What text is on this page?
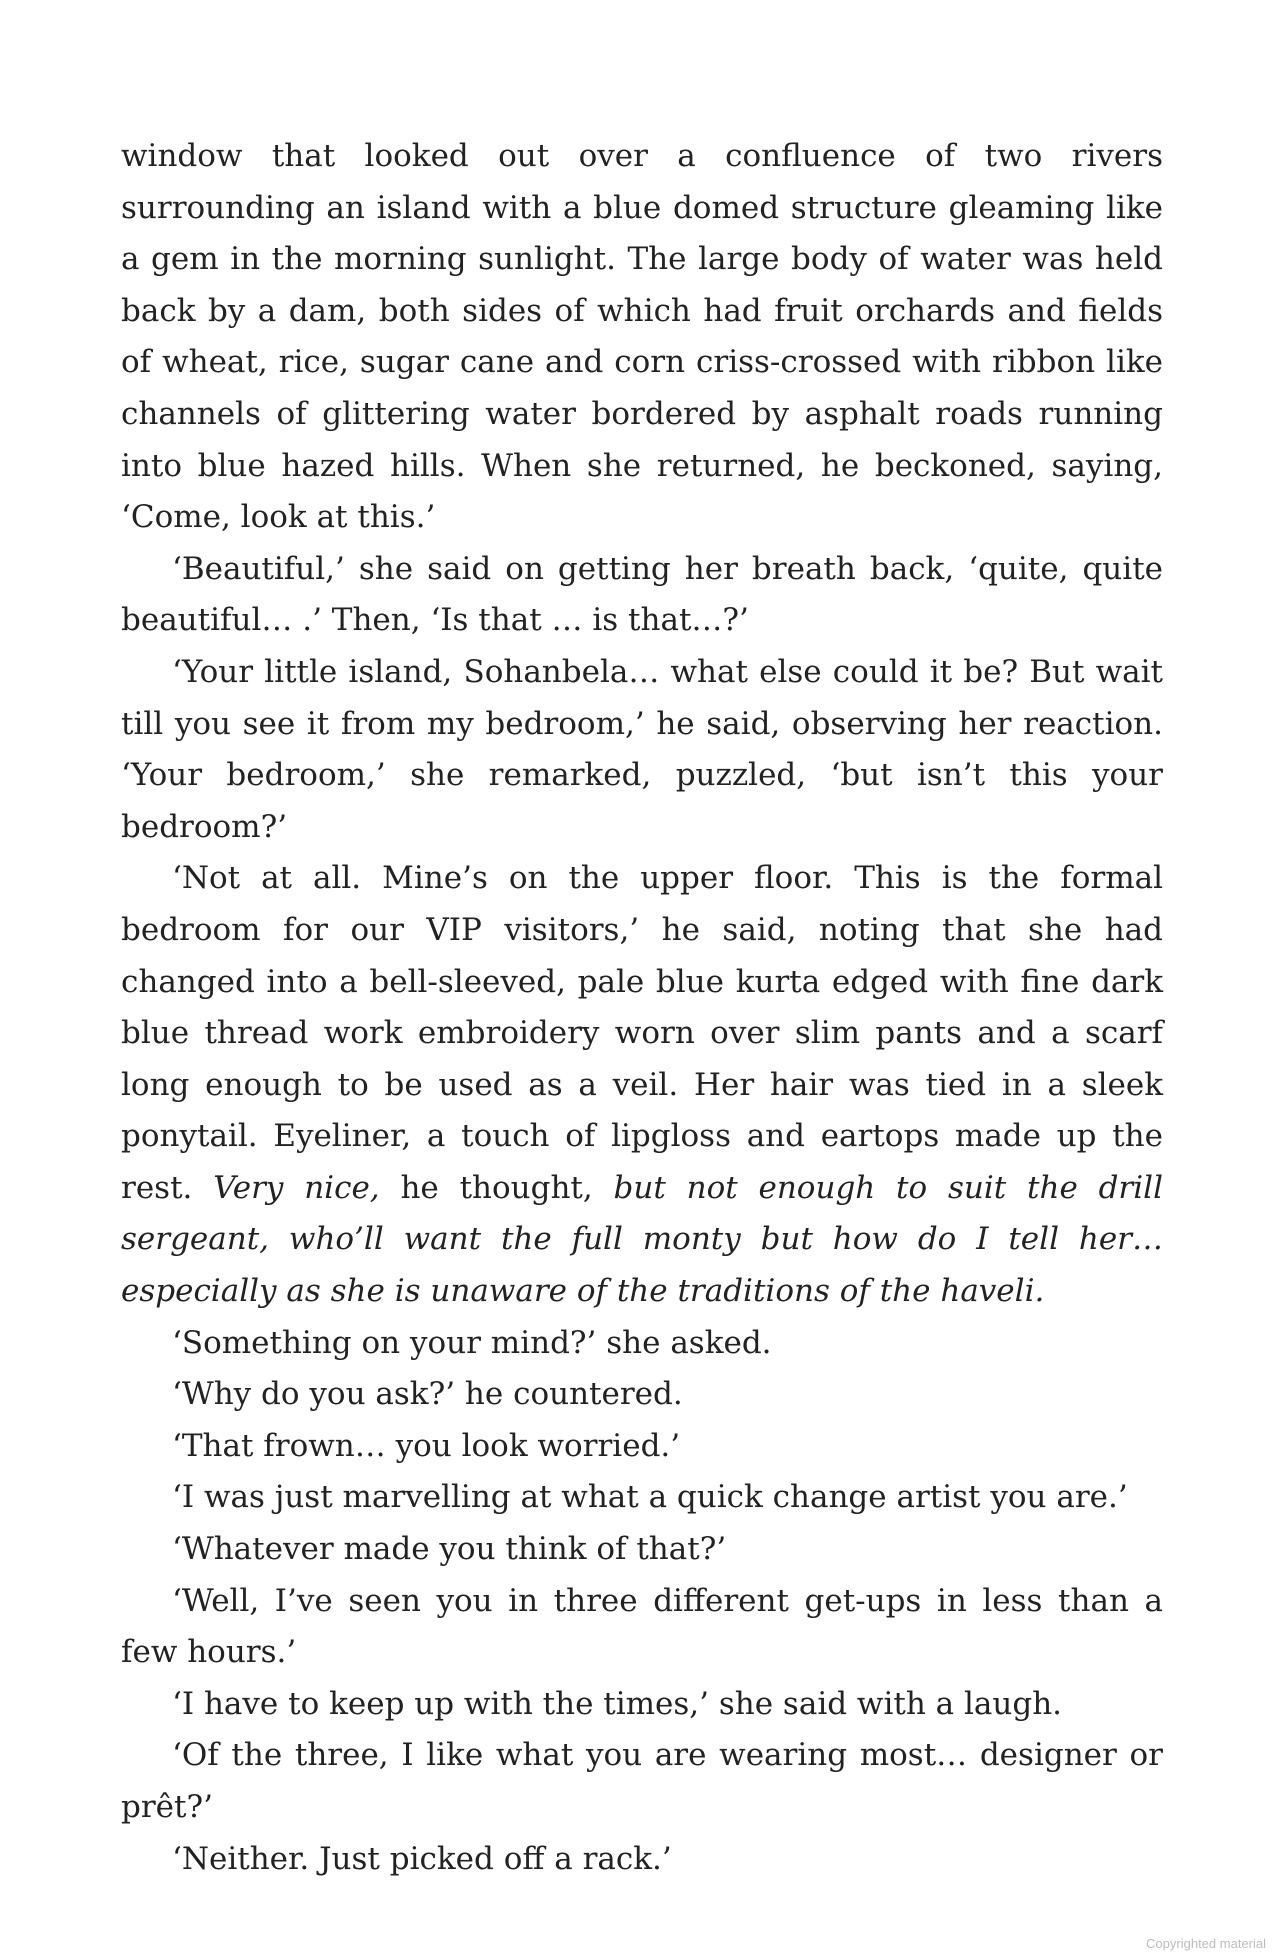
window that looked out over a confluence of two rivers surrounding an island with a blue domed structure gleaming like a gem in the morning sunlight. The large body of water was held back by a dam, both sides of which had fruit orchards and fields of wheat, rice, sugar cane and corn criss-crossed with ribbon like channels of glittering water bordered by asphalt roads running into blue hazed hills. When she returned, he beckoned, saying, ‘Come, look at this.’

‘Beautiful,’ she said on getting her breath back, ‘quite, quite beautiful… .’ Then, ‘Is that … is that…?’

‘Your little island, Sohanbela… what else could it be? But wait till you see it from my bedroom,’ he said, observing her reaction. ‘Your bedroom,’ she remarked, puzzled, ‘but isn’t this your bedroom?’

‘Not at all. Mine’s on the upper floor. This is the formal bedroom for our VIP visitors,’ he said, noting that she had changed into a bell-sleeved, pale blue kurta edged with fine dark blue thread work embroidery worn over slim pants and a scarf long enough to be used as a veil. Her hair was tied in a sleek ponytail. Eyeliner, a touch of lipgloss and eartops made up the rest. Very nice, he thought, but not enough to suit the drill sergeant, who’ll want the full monty but how do I tell her… especially as she is unaware of the traditions of the haveli.

‘Something on your mind?’ she asked.

‘Why do you ask?’ he countered.

‘That frown… you look worried.’

‘I was just marvelling at what a quick change artist you are.’

‘Whatever made you think of that?’

‘Well, I’ve seen you in three different get-ups in less than a few hours.’

‘I have to keep up with the times,’ she said with a laugh.

‘Of the three, I like what you are wearing most… designer or prêt?’

‘Neither. Just picked off a rack.’

Copyrighted material
